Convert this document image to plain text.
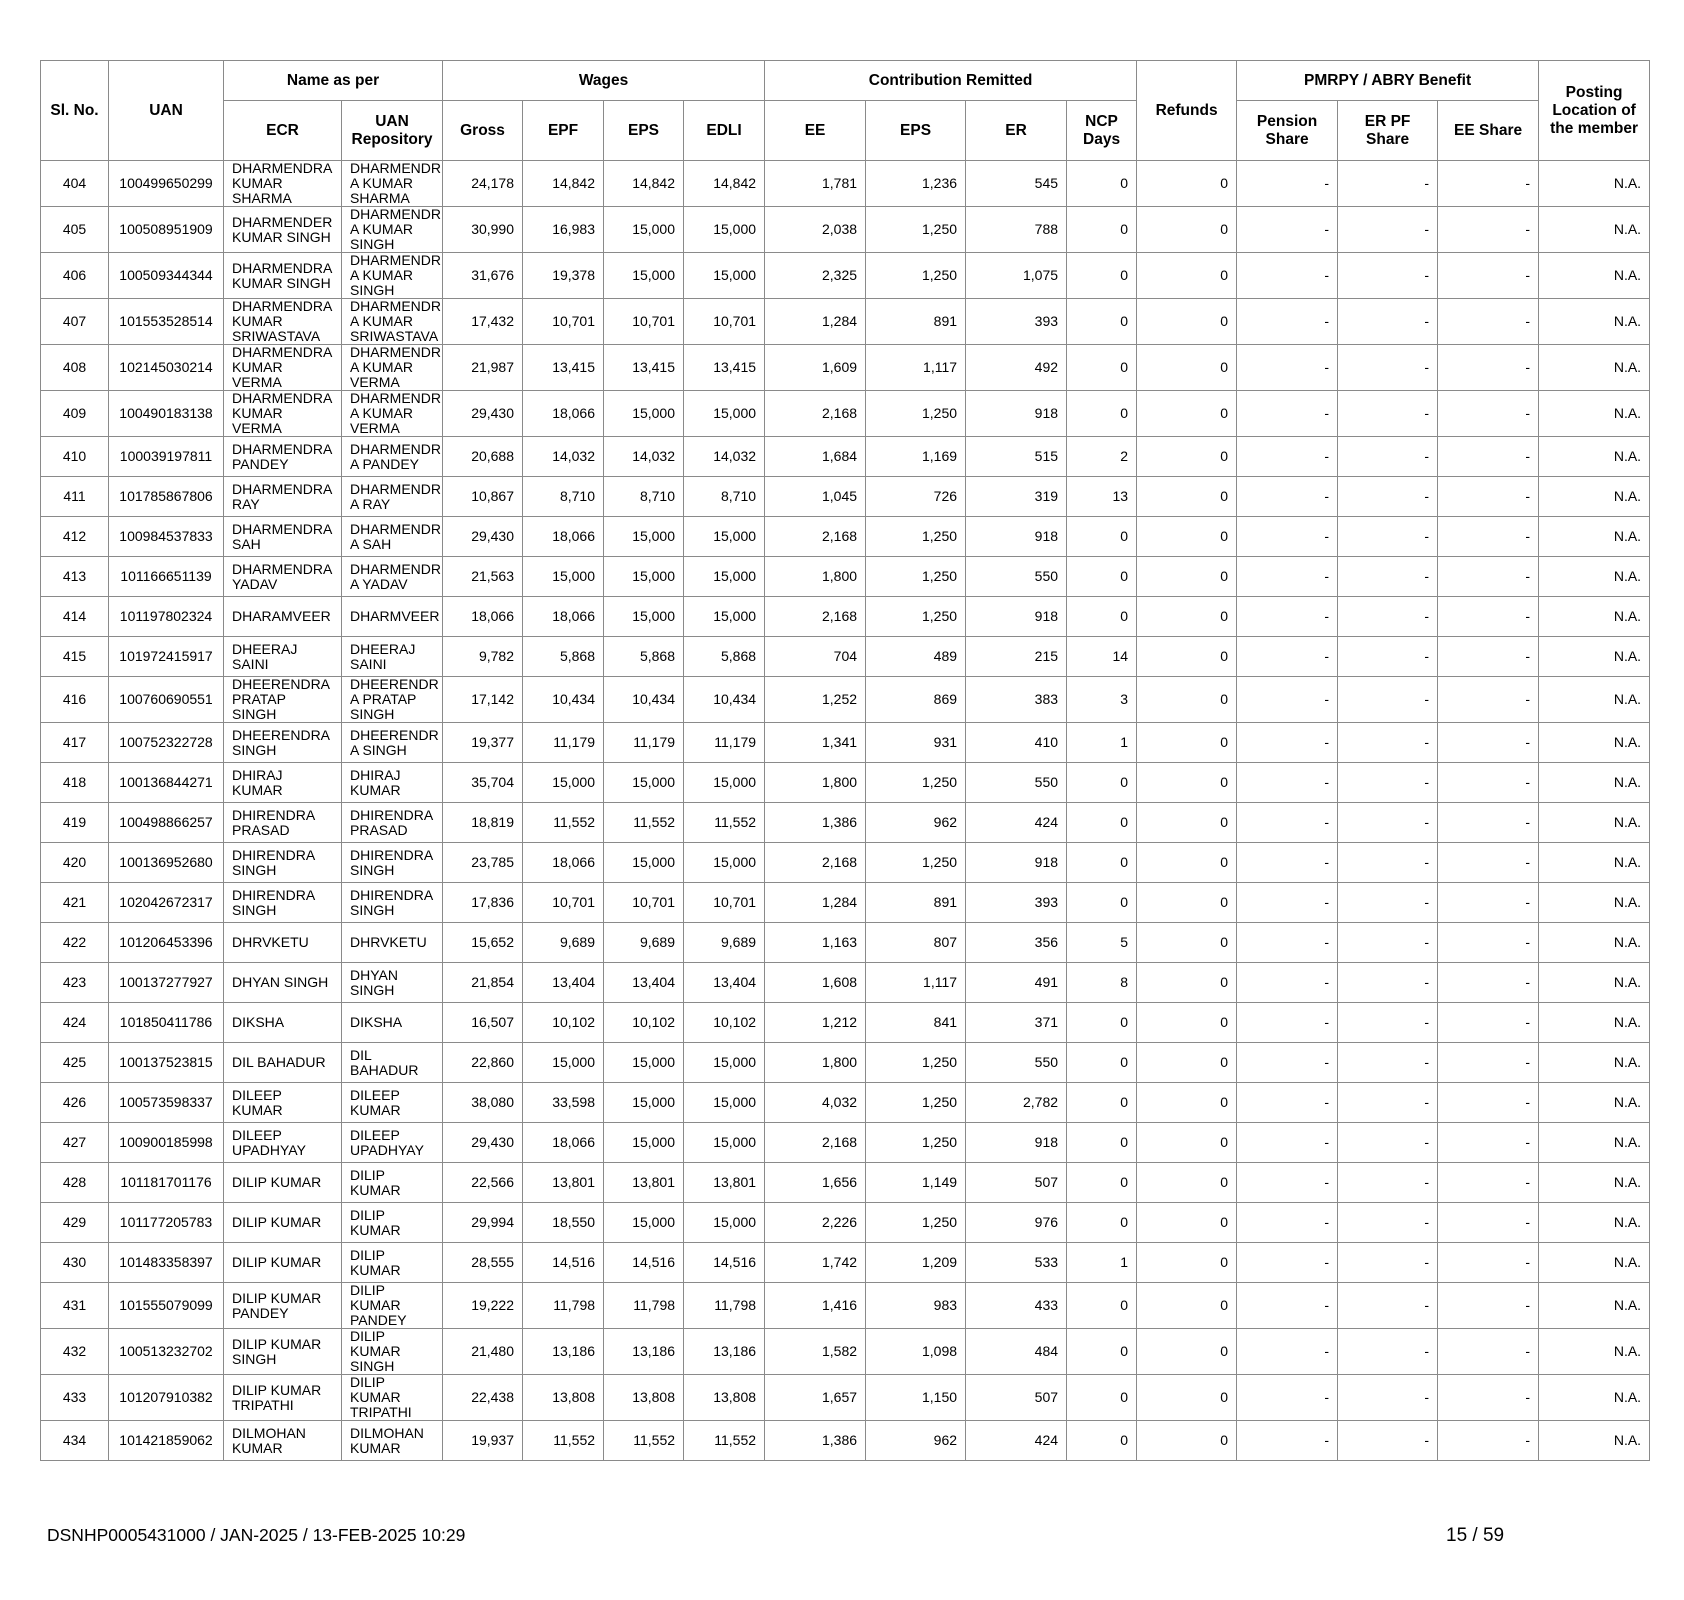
Sl. No.	UAN	Name as per		Wages				Contribution Remitted				Refunds	PMRPY / ABRY Benefit			Posting Location of the member
		ECR	UAN Repository	Gross	EPF	EPS	EDLI	EE	EPS	ER	NCP Days		Pension Share	ER PF Share	EE Share	
404	100499650299	DHARMENDRA KUMAR SHARMA	DHARMENDR A KUMAR SHARMA	24,178	14,842	14,842	14,842	1,781	1,236	545	0	0	-	-	-	N.A.
405	100508951909	DHARMENDER KUMAR SINGH	DHARMENDR A KUMAR SINGH	30,990	16,983	15,000	15,000	2,038	1,250	788	0	0	-	-	-	N.A.
406	100509344344	DHARMENDRA KUMAR SINGH	DHARMENDR A KUMAR SINGH	31,676	19,378	15,000	15,000	2,325	1,250	1,075	0	0	-	-	-	N.A.
407	101553528514	DHARMENDRA KUMAR SRIWASTAVA	DHARMENDR A KUMAR SRIWASTAVA	17,432	10,701	10,701	10,701	1,284	891	393	0	0	-	-	-	N.A.
408	102145030214	DHARMENDRA KUMAR VERMA	DHARMENDR A KUMAR VERMA	21,987	13,415	13,415	13,415	1,609	1,117	492	0	0	-	-	-	N.A.
409	100490183138	DHARMENDRA KUMAR VERMA	DHARMENDR A KUMAR VERMA	29,430	18,066	15,000	15,000	2,168	1,250	918	0	0	-	-	-	N.A.
410	100039197811	DHARMENDRA PANDEY	DHARMENDR A PANDEY	20,688	14,032	14,032	14,032	1,684	1,169	515	2	0	-	-	-	N.A.
411	101785867806	DHARMENDRA RAY	DHARMENDR A RAY	10,867	8,710	8,710	8,710	1,045	726	319	13	0	-	-	-	N.A.
412	100984537833	DHARMENDRA SAH	DHARMENDR A SAH	29,430	18,066	15,000	15,000	2,168	1,250	918	0	0	-	-	-	N.A.
413	101166651139	DHARMENDRA YADAV	DHARMENDR A YADAV	21,563	15,000	15,000	15,000	1,800	1,250	550	0	0	-	-	-	N.A.
414	101197802324	DHARAMVEER	DHARMVEER	18,066	18,066	15,000	15,000	2,168	1,250	918	0	0	-	-	-	N.A.
415	101972415917	DHEERAJ SAINI	DHEERAJ SAINI	9,782	5,868	5,868	5,868	704	489	215	14	0	-	-	-	N.A.
416	100760690551	DHEERENDRA PRATAP SINGH	DHEERENDR A PRATAP SINGH	17,142	10,434	10,434	10,434	1,252	869	383	3	0	-	-	-	N.A.
417	100752322728	DHEERENDRA SINGH	DHEERENDR A SINGH	19,377	11,179	11,179	11,179	1,341	931	410	1	0	-	-	-	N.A.
418	100136844271	DHIRAJ KUMAR	DHIRAJ KUMAR	35,704	15,000	15,000	15,000	1,800	1,250	550	0	0	-	-	-	N.A.
419	100498866257	DHIRENDRA PRASAD	DHIRENDRA PRASAD	18,819	11,552	11,552	11,552	1,386	962	424	0	0	-	-	-	N.A.
420	100136952680	DHIRENDRA SINGH	DHIRENDRA SINGH	23,785	18,066	15,000	15,000	2,168	1,250	918	0	0	-	-	-	N.A.
421	102042672317	DHIRENDRA SINGH	DHIRENDRA SINGH	17,836	10,701	10,701	10,701	1,284	891	393	0	0	-	-	-	N.A.
422	101206453396	DHRVKETU	DHRVKETU	15,652	9,689	9,689	9,689	1,163	807	356	5	0	-	-	-	N.A.
423	100137277927	DHYAN SINGH	DHYAN SINGH	21,854	13,404	13,404	13,404	1,608	1,117	491	8	0	-	-	-	N.A.
424	101850411786	DIKSHA	DIKSHA	16,507	10,102	10,102	10,102	1,212	841	371	0	0	-	-	-	N.A.
425	100137523815	DIL BAHADUR	DIL BAHADUR	22,860	15,000	15,000	15,000	1,800	1,250	550	0	0	-	-	-	N.A.
426	100573598337	DILEEP KUMAR	DILEEP KUMAR	38,080	33,598	15,000	15,000	4,032	1,250	2,782	0	0	-	-	-	N.A.
427	100900185998	DILEEP UPADHYAY	DILEEP UPADHYAY	29,430	18,066	15,000	15,000	2,168	1,250	918	0	0	-	-	-	N.A.
428	101181701176	DILIP KUMAR	DILIP KUMAR	22,566	13,801	13,801	13,801	1,656	1,149	507	0	0	-	-	-	N.A.
429	101177205783	DILIP KUMAR	DILIP KUMAR	29,994	18,550	15,000	15,000	2,226	1,250	976	0	0	-	-	-	N.A.
430	101483358397	DILIP KUMAR	DILIP KUMAR	28,555	14,516	14,516	14,516	1,742	1,209	533	1	0	-	-	-	N.A.
431	101555079099	DILIP KUMAR PANDEY	DILIP KUMAR PANDEY	19,222	11,798	11,798	11,798	1,416	983	433	0	0	-	-	-	N.A.
432	100513232702	DILIP KUMAR SINGH	DILIP KUMAR SINGH	21,480	13,186	13,186	13,186	1,582	1,098	484	0	0	-	-	-	N.A.
433	101207910382	DILIP KUMAR TRIPATHI	DILIP KUMAR TRIPATHI	22,438	13,808	13,808	13,808	1,657	1,150	507	0	0	-	-	-	N.A.
434	101421859062	DILMOHAN KUMAR	DILMOHAN KUMAR	19,937	11,552	11,552	11,552	1,386	962	424	0	0	-	-	-	N.A.
DSNHP0005431000 / JAN-2025 / 13-FEB-2025 10:29	15 / 59
